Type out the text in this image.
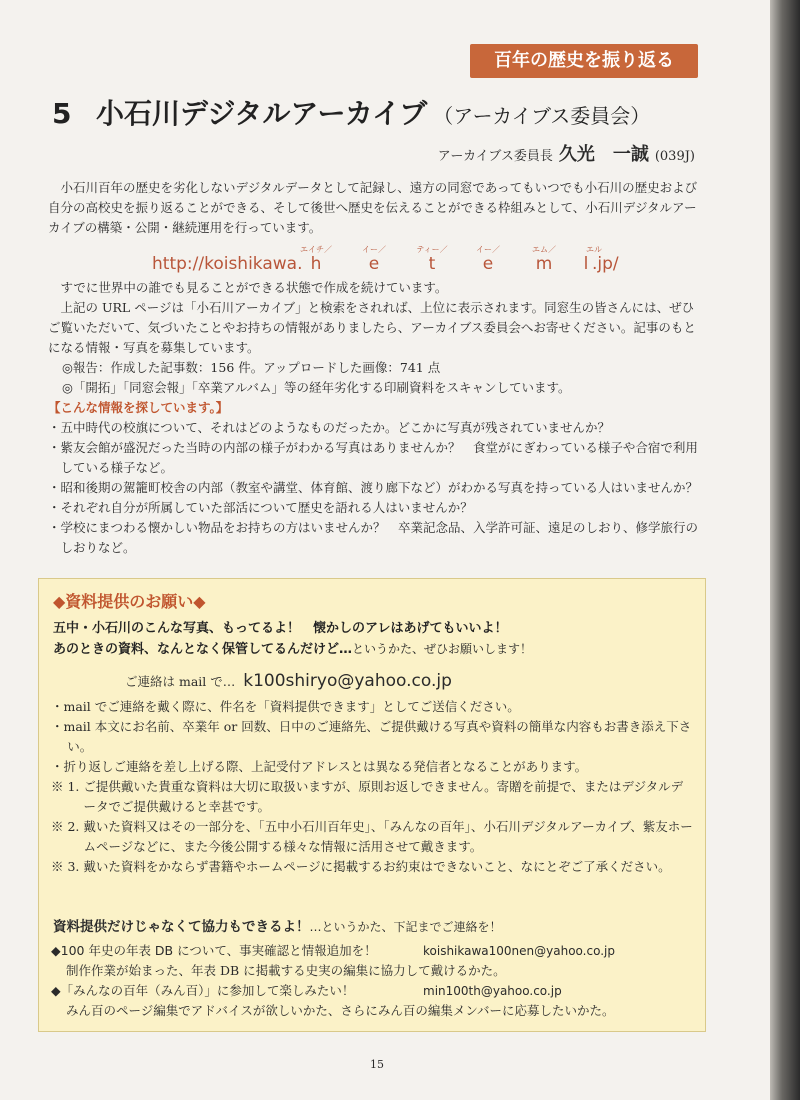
百年の歴史を振り返る
5 小石川デジタルアーカイブ （アーカイブス委員会）
アーカイブス委員長 久光　一誠 (039J)

小石川百年の歴史を劣化しないデジタルデータとして記録し、遠方の同窓であってもいつでも小石川の歴史および自分の高校史を振り返ることができる、そして後世へ歴史を伝えることができる枠組みとして、小石川デジタルアーカイブの構築・公開・継続運用を行っています。

http://koishikawa.
エイチ／
h
イー／
e
ティー／
t
イー／
e
エム／
m
エル
l .jp/

すでに世界中の誰でも見ることができる状態で作成を続けています。

上記の URL ページは「小石川アーカイブ」と検索をされれば、上位に表示されます。同窓生の皆さんには、ぜひご覧いただいて、気づいたことやお持ちの情報がありましたら、アーカイブス委員会へお寄せください。記事のもとになる情報・写真を募集しています。

◎報告：作成した記事数：156 件。アップロードした画像：741 点

◎「開拓」「同窓会報」「卒業アルバム」等の経年劣化する印刷資料をスキャンしています。

【こんな情報を探しています。】

・五中時代の校旗について、それはどのようなものだったか。どこかに写真が残されていませんか？

・紫友会館が盛況だった当時の内部の様子がわかる写真はありませんか？　食堂がにぎわっている様子や合宿で利用している様子など。

・昭和後期の駕籠町校舎の内部（教室や講堂、体育館、渡り廊下など）がわかる写真を持っている人はいませんか？

・それぞれ自分が所属していた部活について歴史を語れる人はいませんか？

・学校にまつわる懐かしい物品をお持ちの方はいませんか？　卒業記念品、入学許可証、遠足のしおり、修学旅行のしおりなど。

◆資料提供のお願い◆
五中・小石川のこんな写真、もってるよ！　懐かしのアレはあげてもいいよ！
あのときの資料、なんとなく保管してるんだけど…というかた、ぜひお願いします！
ご連絡は mail で… k100shiryo@yahoo.co.jp

・mail でご連絡を戴く際に、件名を「資料提供できます」としてご送信ください。

・mail 本文にお名前、卒業年 or 回数、日中のご連絡先、ご提供戴ける写真や資料の簡単な内容もお書き添え下さい。

・折り返しご連絡を差し上げる際、上記受付アドレスとは異なる発信者となることがあります。

※ 1. ご提供戴いた貴重な資料は大切に取扱いますが、原則お返しできません。寄贈を前提で、またはデジタルデータでご提供戴けると幸甚です。

※ 2. 戴いた資料又はその一部分を、「五中小石川百年史」、「みんなの百年」、小石川デジタルアーカイブ、紫友ホームページなどに、また今後公開する様々な情報に活用させて戴きます。

※ 3. 戴いた資料をかならず書籍やホームページに掲載するお約束はできないこと、なにとぞご了承ください。

資料提供だけじゃなくて協力もできるよ！…というかた、下記までご連絡を！
◆100 年史の年表 DB について、事実確認と情報追加を！	koishikawa100nen@yahoo.co.jp
制作作業が始まった、年表 DB に掲載する史実の編集に協力して戴けるかた。
◆「みんなの百年（みん百）」に参加して楽しみたい！	min100th@yahoo.co.jp
みん百のページ編集でアドバイスが欲しいかた、さらにみん百の編集メンバーに応募したいかた。
15
